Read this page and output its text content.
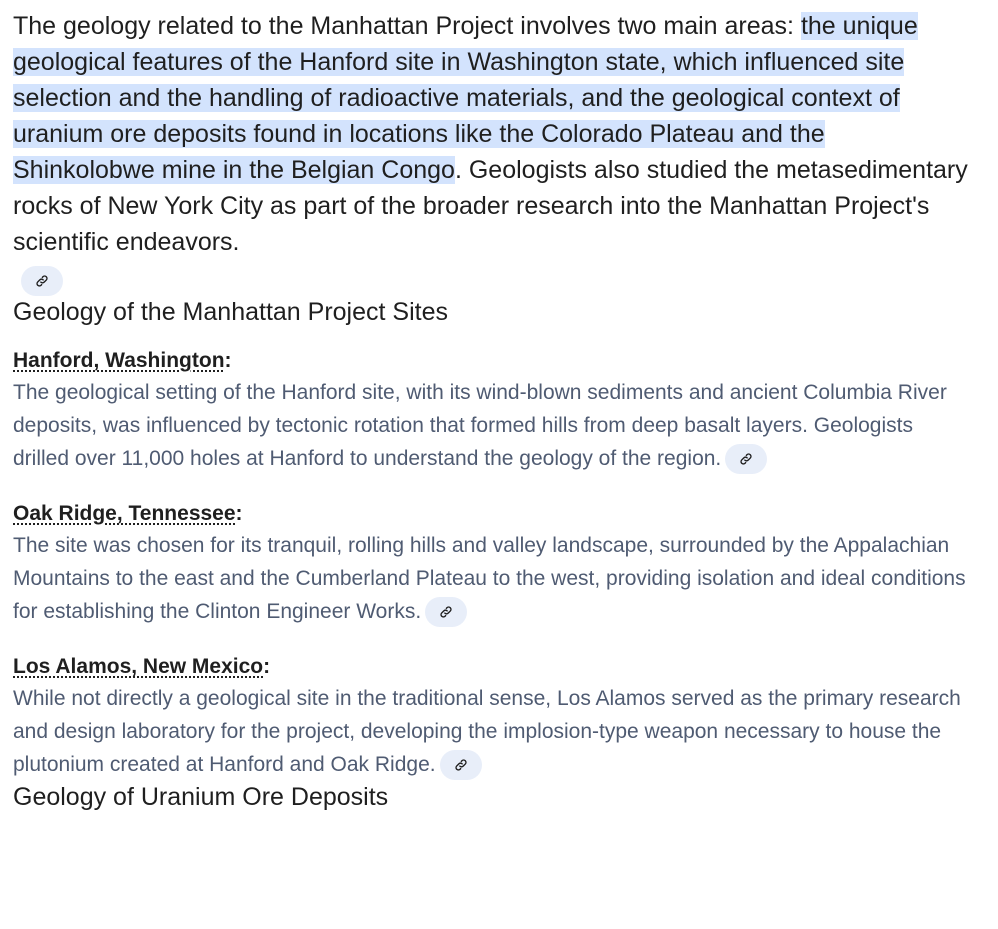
The geology related to the Manhattan Project involves two main areas: the unique geological features of the Hanford site in Washington state, which influenced site selection and the handling of radioactive materials, and the geological context of uranium ore deposits found in locations like the Colorado Plateau and the Shinkolobwe mine in the Belgian Congo. Geologists also studied the metasedimentary rocks of New York City as part of the broader research into the Manhattan Project's scientific endeavors.

Geology of the Manhattan Project Sites
Hanford, Washington:

The geological setting of the Hanford site, with its wind-blown sediments and ancient Columbia River deposits, was influenced by tectonic rotation that formed hills from deep basalt layers. Geologists drilled over 11,000 holes at Hanford to understand the geology of the region.

Oak Ridge, Tennessee:

The site was chosen for its tranquil, rolling hills and valley landscape, surrounded by the Appalachian Mountains to the east and the Cumberland Plateau to the west, providing isolation and ideal conditions for establishing the Clinton Engineer Works.

Los Alamos, New Mexico:

While not directly a geological site in the traditional sense, Los Alamos served as the primary research and design laboratory for the project, developing the implosion-type weapon necessary to house the plutonium created at Hanford and Oak Ridge.

Geology of Uranium Ore Deposits
